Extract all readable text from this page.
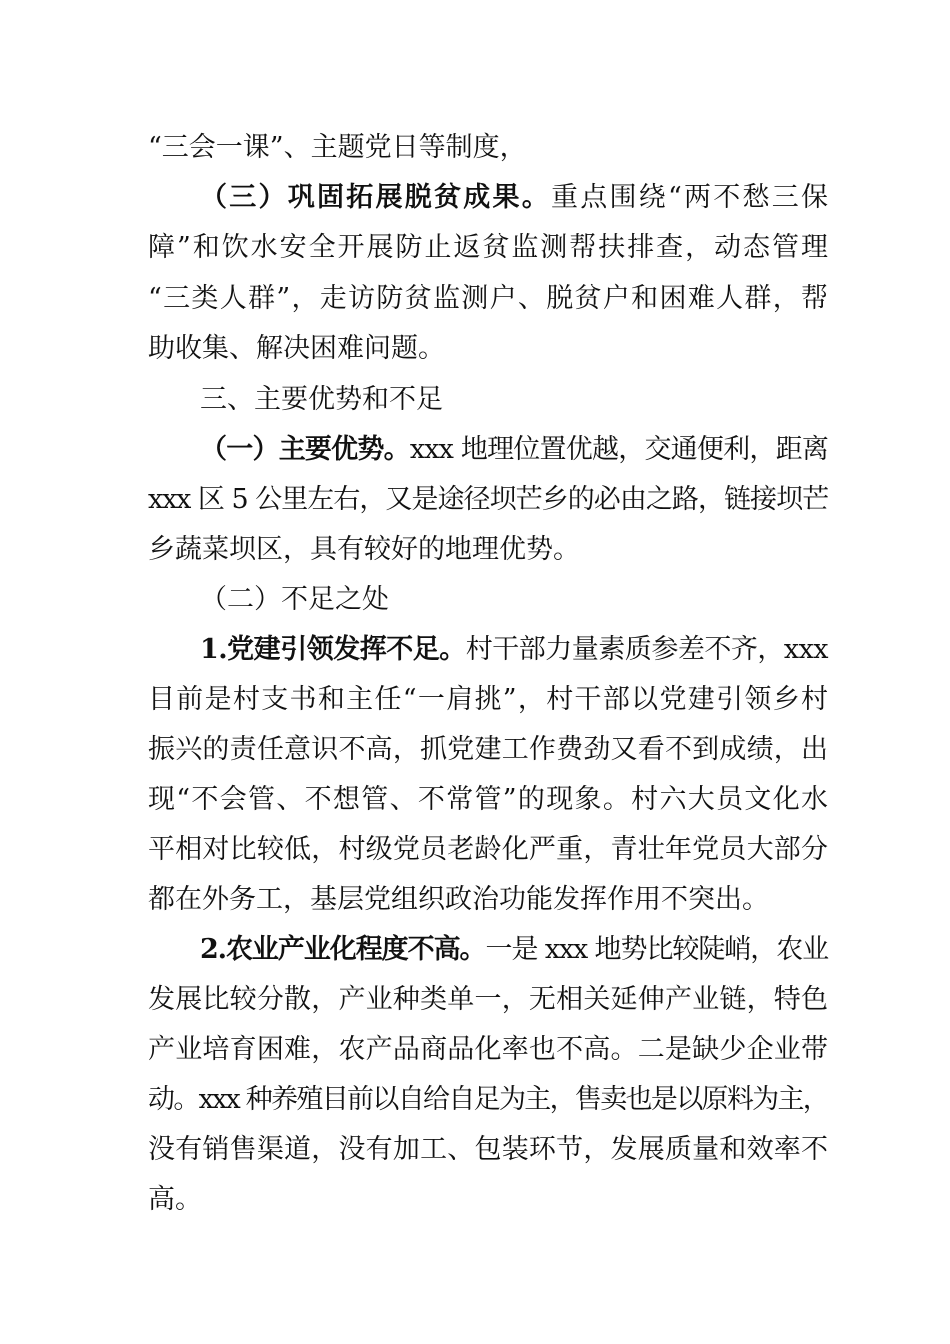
“三会一课”、主题党日等制度，
（三）巩固拓展脱贫成果。重点围绕“两不愁三保
障”和饮水安全开展防止返贫监测帮扶排查，动态管理
“三类人群”，走访防贫监测户、脱贫户和困难人群，帮
助收集、解决困难问题。
三、主要优势和不足
（一）主要优势。xxx 地理位置优越，交通便利，距离
xxx 区 5 公里左右，又是途径坝芒乡的必由之路，链接坝芒
乡蔬菜坝区，具有较好的地理优势。
（二）不足之处
1.党建引领发挥不足。村干部力量素质参差不齐，xxx
目前是村支书和主任“一肩挑”，村干部以党建引领乡村
振兴的责任意识不高，抓党建工作费劲又看不到成绩，出
现“不会管、不想管、不常管”的现象。村六大员文化水
平相对比较低，村级党员老龄化严重，青壮年党员大部分
都在外务工，基层党组织政治功能发挥作用不突出。
2.农业产业化程度不高。一是 xxx 地势比较陡峭，农业
发展比较分散，产业种类单一，无相关延伸产业链，特色
产业培育困难，农产品商品化率也不高。二是缺少企业带
动。xxx 种养殖目前以自给自足为主，售卖也是以原料为主，
没有销售渠道，没有加工、包装环节，发展质量和效率不
高。
